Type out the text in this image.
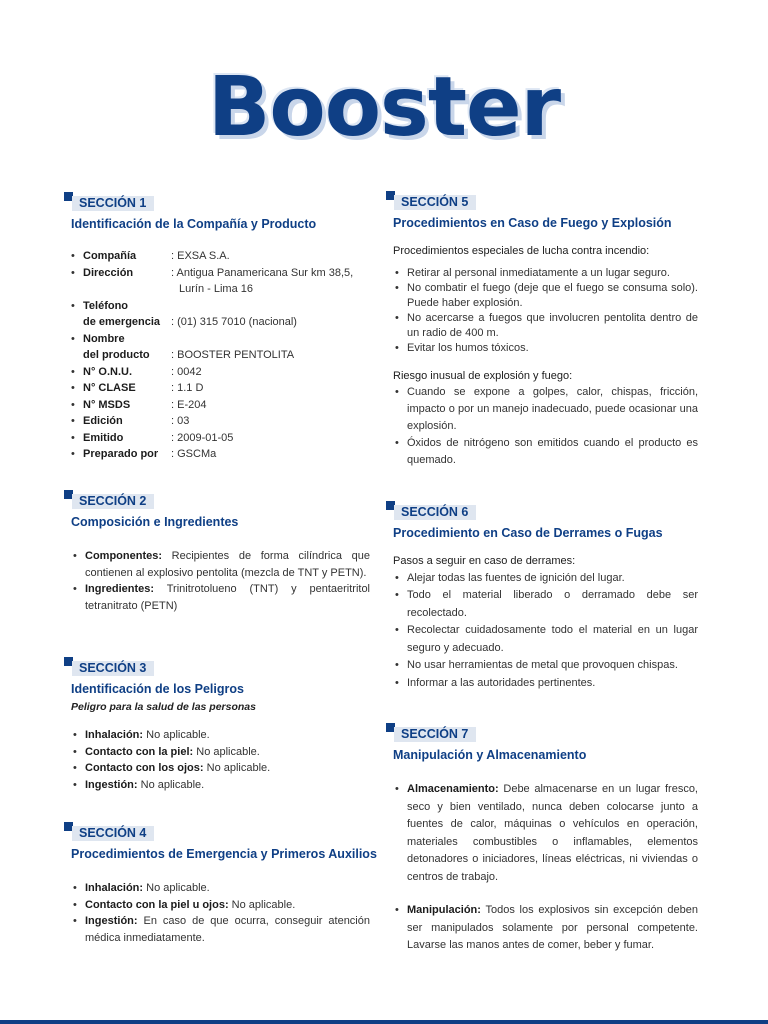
Booster
SECCIÓN 1
Identificación de la Compañía y Producto
• Compañía	: EXSA S.A.
• Dirección	: Antigua Panamericana Sur km 38,5,
Lurín - Lima 16
• Teléfono
de emergencia : (01) 315 7010 (nacional)
• Nombre
del producto : BOOSTER PENTOLITA
• N° O.N.U.	: 0042
• N° CLASE	: 1.1 D
• N° MSDS	: E-204
• Edición	: 03
• Emitido	: 2009-01-05
• Preparado por : GSCMa
SECCIÓN 2
Composición e Ingredientes
• Componentes: Recipientes de forma cilíndrica que contienen al explosivo pentolita (mezcla de TNT y PETN).
• Ingredientes: Trinitrotolueno (TNT) y pentaeritritol tetranitrato (PETN)
SECCIÓN 3
Identificación de los Peligros
Peligro para la salud de las personas
• Inhalación: No aplicable.
• Contacto con la piel: No aplicable.
• Contacto con los ojos: No aplicable.
• Ingestión: No aplicable.
SECCIÓN 4
Procedimientos de Emergencia y Primeros Auxilios
• Inhalación: No aplicable.
• Contacto con la piel u ojos: No aplicable.
• Ingestión: En caso de que ocurra, conseguir atención médica inmediatamente.
SECCIÓN 5
Procedimientos en Caso de Fuego y Explosión
Procedimientos especiales de lucha contra incendio:
• Retirar al personal inmediatamente a un lugar seguro.
• No combatir el fuego (deje que el fuego se consuma solo). Puede haber explosión.
• No acercarse a fuegos que involucren pentolita dentro de un radio de 400 m.
• Evitar los humos tóxicos.
Riesgo inusual de explosión y fuego:
• Cuando se expone a golpes, calor, chispas, fricción, impacto o por un manejo inadecuado, puede ocasionar una explosión.
• Óxidos de nitrógeno son emitidos cuando el producto es quemado.
SECCIÓN 6
Procedimiento en Caso de Derrames o Fugas
Pasos a seguir en caso de derrames:
• Alejar todas las fuentes de ignición del lugar.
• Todo el material liberado o derramado debe ser recolectado.
• Recolectar cuidadosamente todo el material en un lugar seguro y adecuado.
• No usar herramientas de metal que provoquen chispas.
• Informar a las autoridades pertinentes.
SECCIÓN 7
Manipulación y Almacenamiento
• Almacenamiento: Debe almacenarse en un lugar fresco, seco y bien ventilado, nunca deben colocarse junto a fuentes de calor, máquinas o vehículos en operación, materiales combustibles o inflamables, elementos detonadores o iniciadores, líneas eléctricas, ni viviendas o centros de trabajo.
• Manipulación: Todos los explosivos sin excepción deben ser manipulados solamente por personal competente. Lavarse las manos antes de comer, beber y fumar.
